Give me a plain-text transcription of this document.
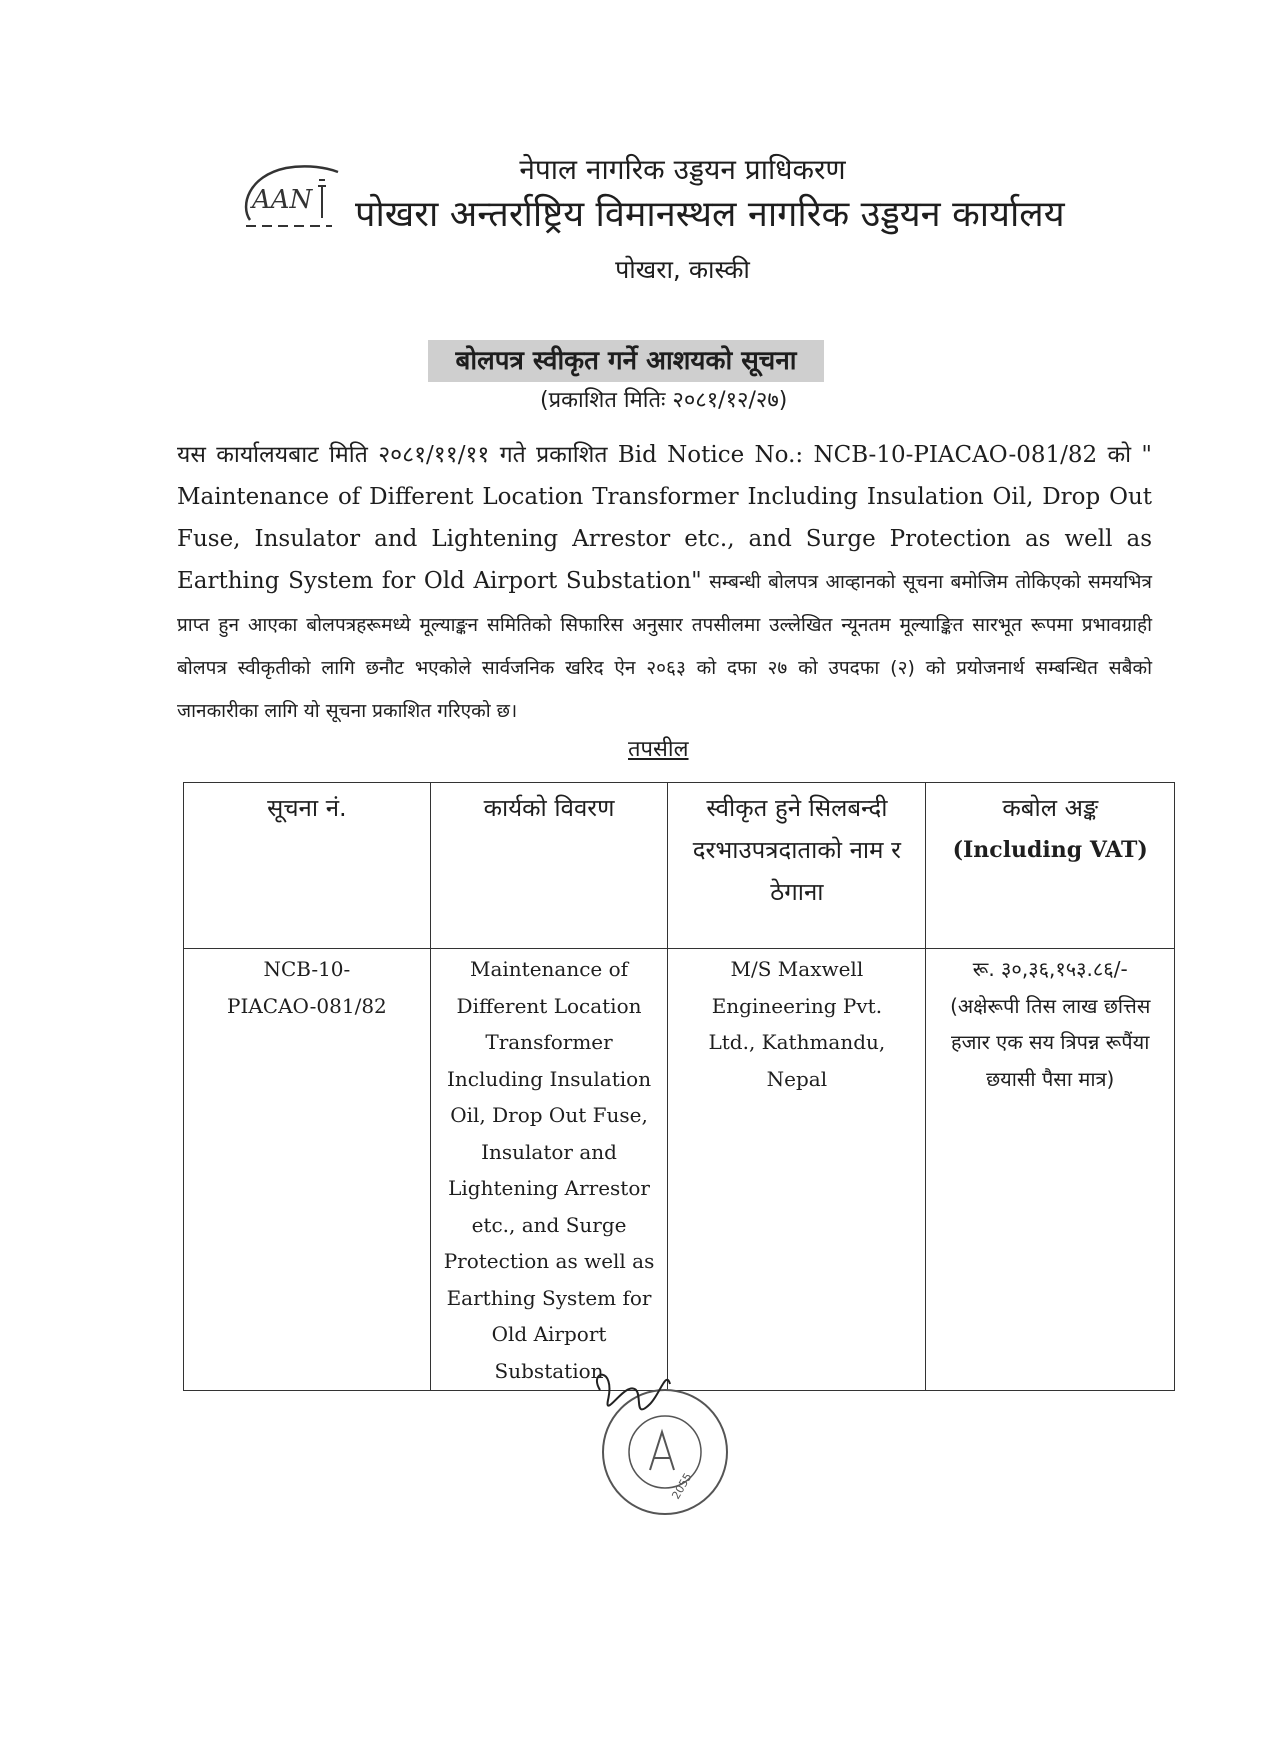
AAN
नेपाल नागरिक उड्डयन प्राधिकरण
पोखरा अन्तर्राष्ट्रिय विमानस्थल नागरिक उड्डयन कार्यालय
पोखरा, कास्की
बोलपत्र स्वीकृत गर्ने आशयको सूचना
(प्रकाशित मितिः २०८१/१२/२७)
यस कार्यालयबाट मिति २०८१/११/११ गते प्रकाशित Bid Notice No.: NCB-10-PIACAO-081/82 को " Maintenance of Different Location Transformer Including Insulation Oil, Drop Out Fuse, Insulator and Lightening Arrestor etc., and Surge Protection as well as Earthing System for Old Airport Substation" सम्बन्धी बोलपत्र आव्हानको सूचना बमोजिम तोकिएको समयभित्र प्राप्त हुन आएका बोलपत्रहरूमध्ये मूल्याङ्कन समितिको सिफारिस अनुसार तपसीलमा उल्लेखित न्यूनतम मूल्याङ्कित सारभूत रूपमा प्रभावग्राही बोलपत्र स्वीकृतीको लागि छनौट भएकोले सार्वजनिक खरिद ऐन २०६३ को दफा २७ को उपदफा (२) को प्रयोजनार्थ सम्बन्धित सबैको जानकारीका लागि यो सूचना प्रकाशित गरिएको छ।
तपसील
सूचना नं.	कार्यको विवरण	स्वीकृत हुने सिलबन्दी दरभाउपत्रदाताको नाम र ठेगाना	कबोल अङ्क
(Including VAT)

NCB-10-PIACAO-081/82	Maintenance of Different Location Transformer Including Insulation Oil, Drop Out Fuse, Insulator and Lightening Arrestor etc., and Surge Protection as well as Earthing System for Old Airport Substation	M/S Maxwell Engineering Pvt. Ltd., Kathmandu, Nepal	रू. ३०,३६,१५३.८६/-
(अक्षेरूपी तिस लाख छत्तिस हजार एक सय त्रिपन्न रूपैंया छयासी पैसा मात्र)
2055
